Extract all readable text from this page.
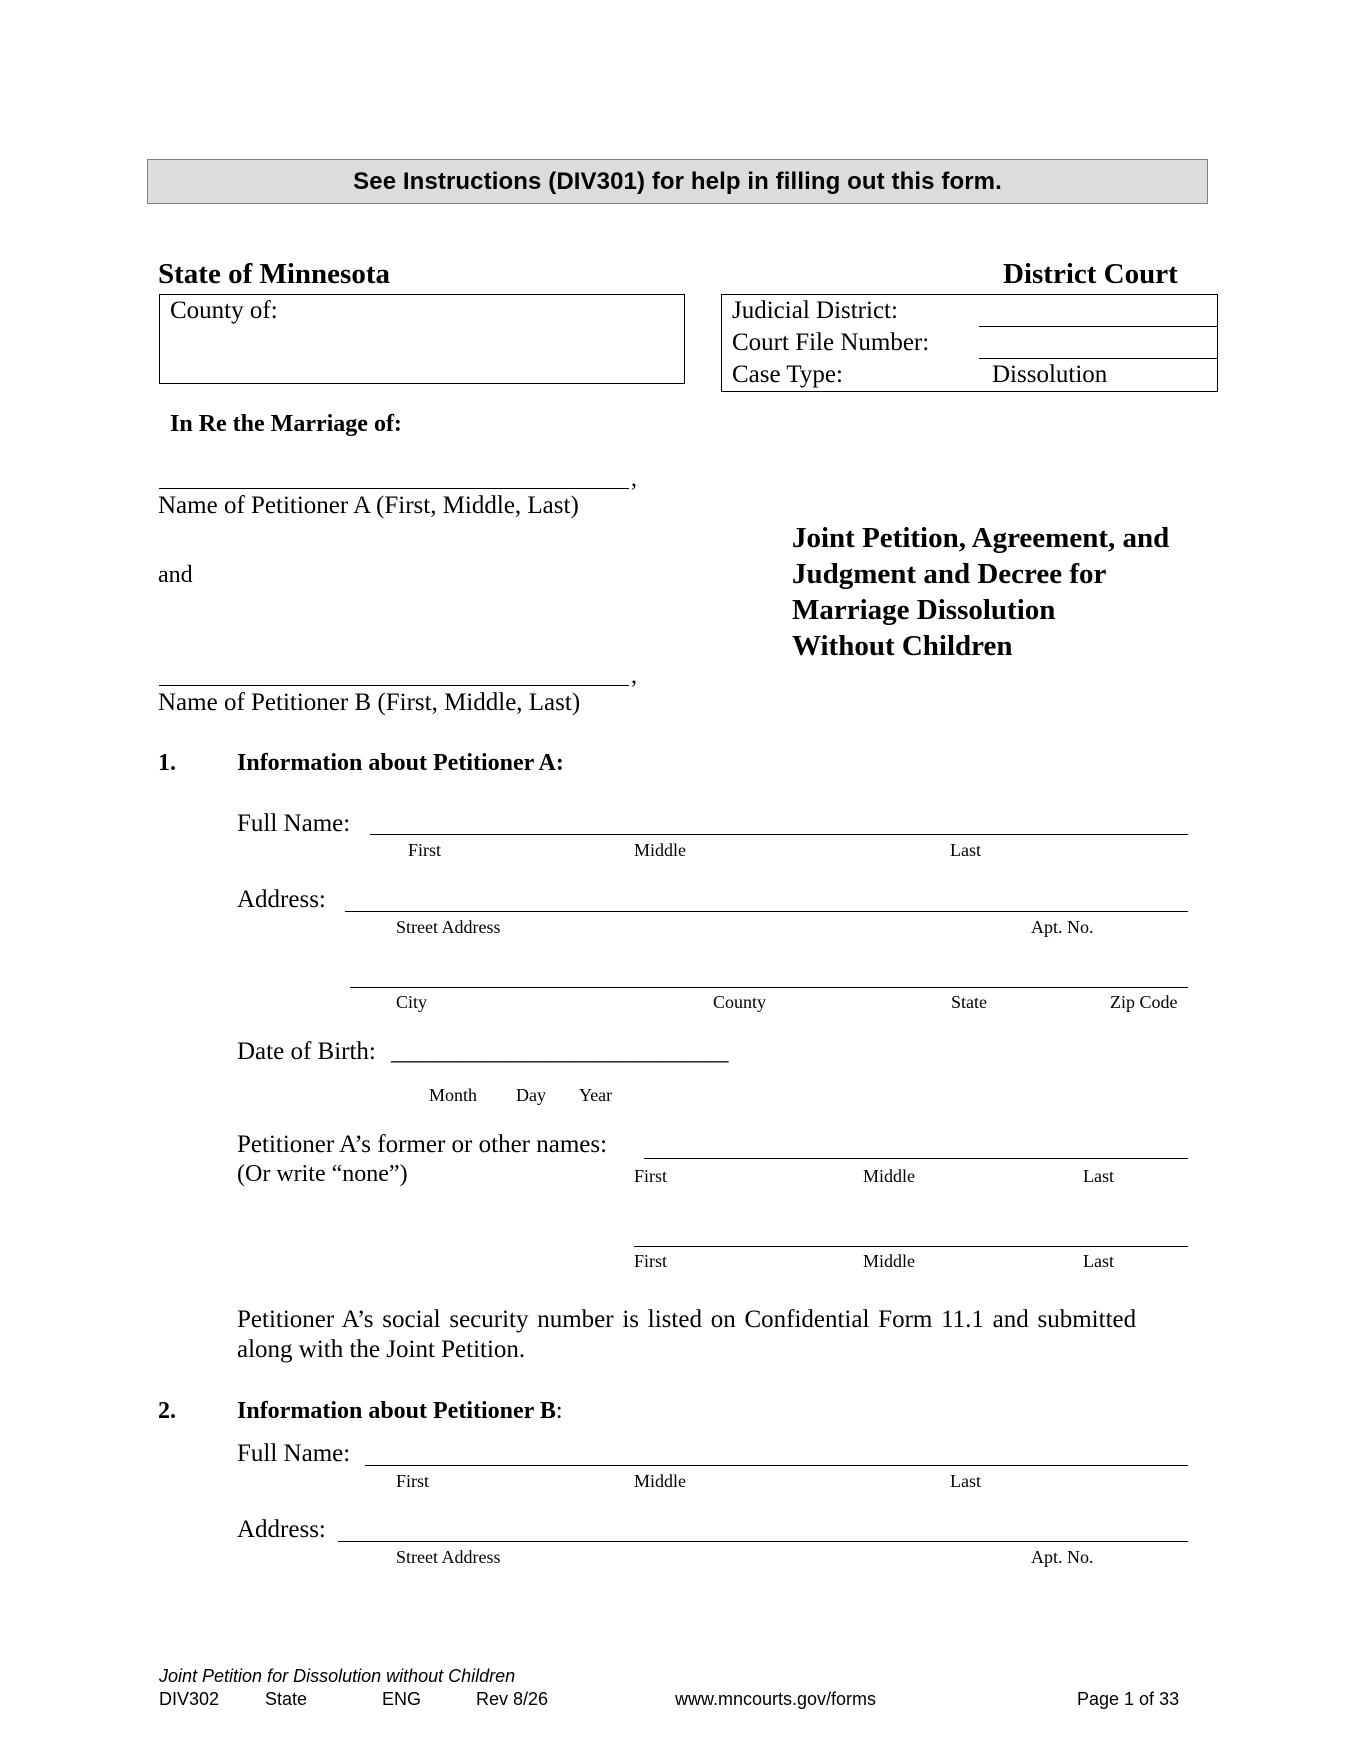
See Instructions (DIV301) for help in filling out this form.
State of Minnesota	District Court
County of:	Judicial District:
Court File Number:
Case Type:	Dissolution
In Re the Marriage of:
,
Name of Petitioner A (First, Middle, Last)
and
,
Name of Petitioner B (First, Middle, Last)
Joint Petition, Agreement, and
Judgment and Decree for
Marriage Dissolution
Without Children
1.	Information about Petitioner A:
Full Name:
First	Middle	Last
Address:
Street Address	Apt. No.
City	County	State	Zip Code
Date of Birth: ___________________________
Month Day Year
Petitioner A’s former or other names:
(Or write “none”)	First	Middle	Last
First	Middle	Last
Petitioner A’s social security number is listed on Confidential Form 11.1 and submitted
along with the Joint Petition.
2.	Information about Petitioner B:
Full Name:
First	Middle	Last
Address:
Street Address	Apt. No.
Joint Petition for Dissolution without Children
DIV302	State	ENG	Rev 8/26	www.mncourts.gov/forms	Page 1 of 33
